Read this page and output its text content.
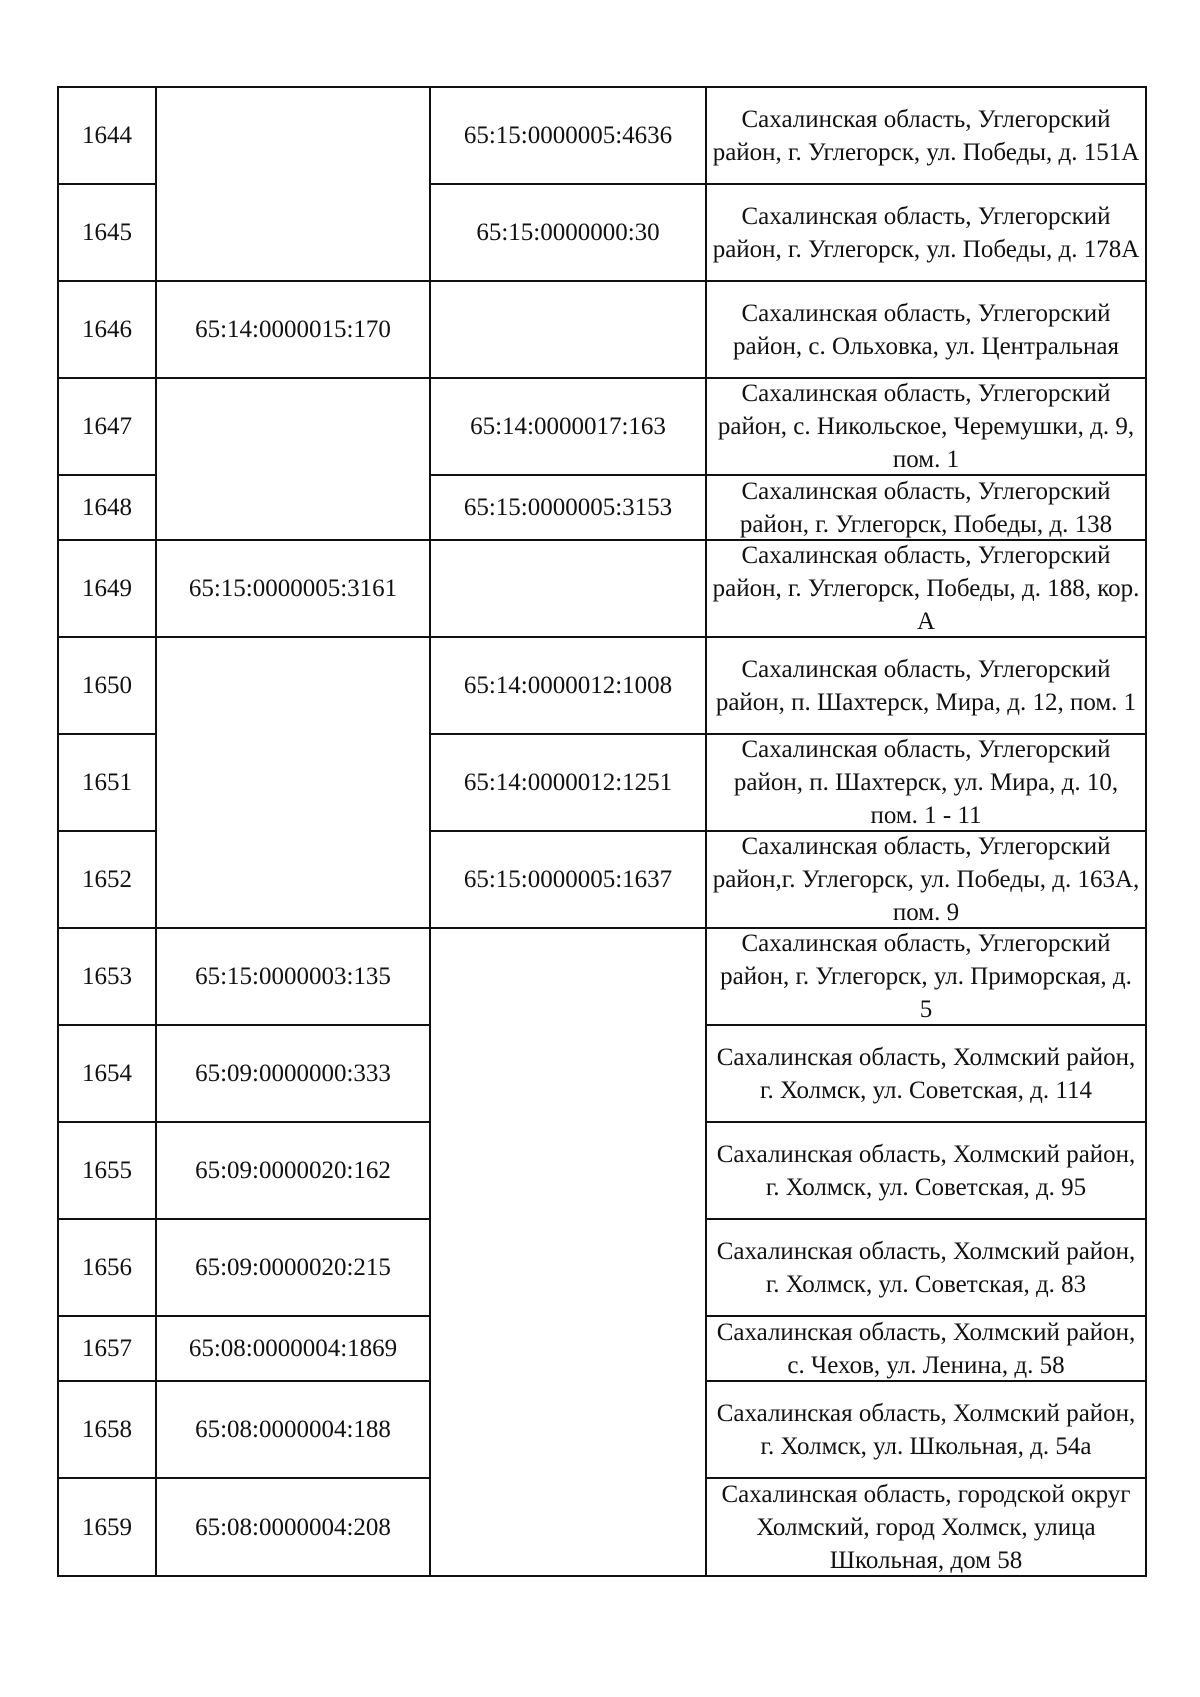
1644
1645
1646
1647
1648
1649
1650
1651
1652
1653
1654
1655
1656
1657
1658
1659
65:14:0000015:170
65:15:0000005:3161
65:15:0000003:135
65:09:0000000:333
65:09:0000020:162
65:09:0000020:215
65:08:0000004:1869
65:08:0000004:188
65:08:0000004:208
65:15:0000005:4636
65:15:0000000:30
65:14:0000017:163
65:15:0000005:3153
65:14:0000012:1008
65:14:0000012:1251
65:15:0000005:1637
Сахалинская область, Углегорский район, г. Углегорск, ул. Победы, д. 151А
Сахалинская область, Углегорский район, г. Углегорск, ул. Победы, д. 178А
Сахалинская область, Углегорский район, с. Ольховка, ул. Центральная
Сахалинская область, Углегорский район, с. Никольское, Черемушки, д. 9, пом. 1
Сахалинская область, Углегорский район, г. Углегорск, Победы, д. 138
Сахалинская область, Углегорский район, г. Углегорск, Победы, д. 188, кор. А
Сахалинская область, Углегорский район, п. Шахтерск, Мира, д. 12, пом. 1
Сахалинская область, Углегорский район, п. Шахтерск, ул. Мира, д. 10, пом. 1 - 11
Сахалинская область, Углегорский район,г. Углегорск, ул. Победы, д. 163А, пом. 9
Сахалинская область, Углегорский район, г. Углегорск, ул. Приморская, д. 5
Сахалинская область, Холмский район, г. Холмск, ул. Советская, д. 114
Сахалинская область, Холмский район, г. Холмск, ул. Советская, д. 95
Сахалинская область, Холмский район, г. Холмск, ул. Советская, д. 83
Сахалинская область, Холмский район, с. Чехов, ул. Ленина, д. 58
Сахалинская область, Холмский район, г. Холмск, ул. Школьная, д. 54а
Сахалинская область, городской округ Холмский, город Холмск, улица Школьная, дом 58
